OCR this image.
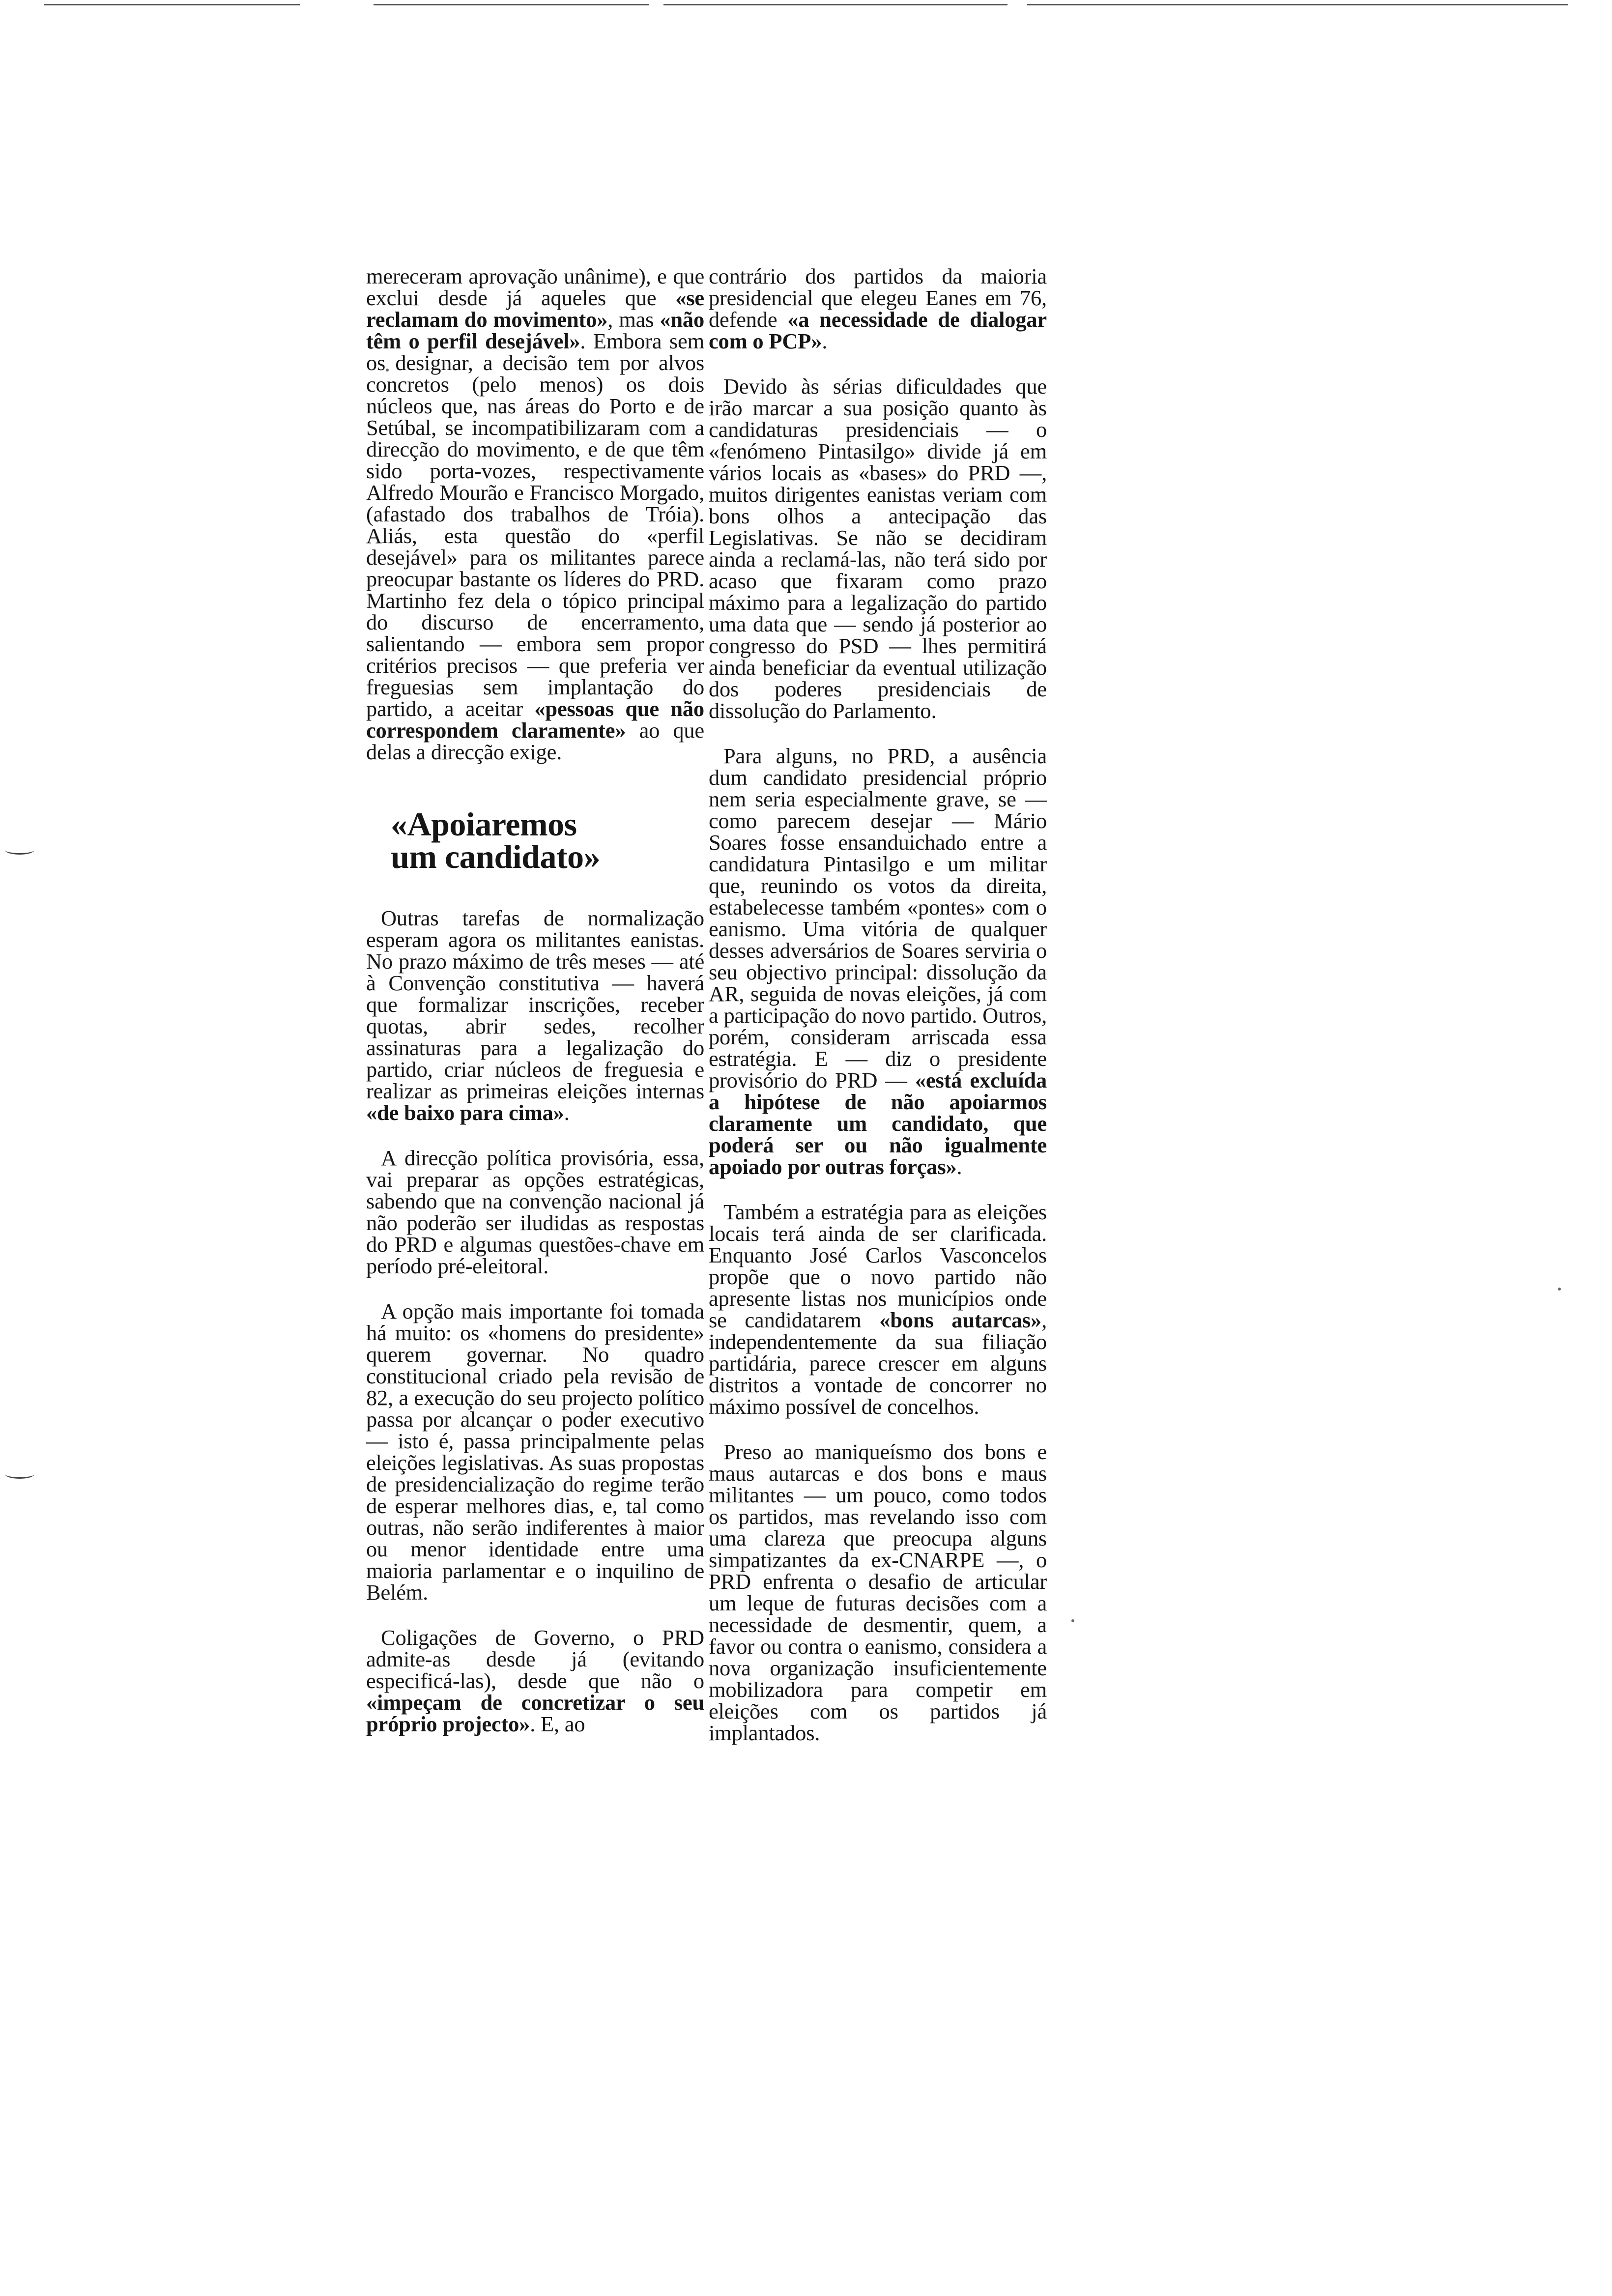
mereceram aprovação unânime), e que exclui desde já aqueles que «se reclamam do movimento», mas «não têm o perfil desejável». Embora sem os designar, a decisão tem por alvos concretos (pelo menos) os dois núcleos que, nas áreas do Porto e de Setúbal, se incompatibilizaram com a direcção do movimento, e de que têm sido porta-vozes, respectivamente Alfredo Mourão e Francisco Morgado, (afastado dos trabalhos de Tróia). Aliás, esta questão do «perfil desejável» para os militantes parece preocupar bastante os líderes do PRD. Martinho fez dela o tópico principal do discurso de encerramento, salientando — embora sem propor critérios precisos — que preferia ver freguesias sem implantação do partido, a aceitar «pessoas que não correspondem claramente» ao que delas a direcção exige.

«Apoiaremos
um candidato»

Outras tarefas de normalização esperam agora os militantes eanistas. No prazo máximo de três meses — até à Convenção constitutiva — haverá que formalizar inscrições, receber quotas, abrir sedes, recolher assinaturas para a legalização do partido, criar núcleos de freguesia e realizar as primeiras eleições internas «de baixo para cima».

A direcção política provisória, essa, vai preparar as opções estratégicas, sabendo que na convenção nacional já não poderão ser iludidas as respostas do PRD e algumas questões-chave em período pré-eleitoral.

A opção mais importante foi tomada há muito: os «homens do presidente» querem governar. No quadro constitucional criado pela revisão de 82, a execução do seu projecto político passa por alcançar o poder executivo — isto é, passa principalmente pelas eleições legislativas. As suas propostas de presidencialização do regime terão de esperar melhores dias, e, tal como outras, não serão indiferentes à maior ou menor identidade entre uma maioria parlamentar e o inquilino de Belém.

Coligações de Governo, o PRD admite-as desde já (evitando especificá-las), desde que não o «impeçam de concretizar o seu próprio projecto». E, ao

contrário dos partidos da maioria presidencial que elegeu Eanes em 76, defende «a necessidade de dialogar com o PCP».

Devido às sérias dificuldades que irão marcar a sua posição quanto às candidaturas presidenciais — o «fenómeno Pintasilgo» divide já em vários locais as «bases» do PRD —, muitos dirigentes eanistas veriam com bons olhos a antecipação das Legislativas. Se não se decidiram ainda a reclamá-las, não terá sido por acaso que fixaram como prazo máximo para a legalização do partido uma data que — sendo já posterior ao congresso do PSD — lhes permitirá ainda beneficiar da eventual utilização dos poderes presidenciais de dissolução do Parlamento.

Para alguns, no PRD, a ausência dum candidato presidencial próprio nem seria especialmente grave, se — como parecem desejar — Mário Soares fosse ensanduichado entre a candidatura Pintasilgo e um militar que, reunindo os votos da direita, estabelecesse também «pontes» com o eanismo. Uma vitória de qualquer desses adversários de Soares serviria o seu objectivo principal: dissolução da AR, seguida de novas eleições, já com a participação do novo partido. Outros, porém, consideram arriscada essa estratégia. E — diz o presidente provisório do PRD — «está excluída a hipótese de não apoiarmos claramente um candidato, que poderá ser ou não igualmente apoiado por outras forças».

Também a estratégia para as eleições locais terá ainda de ser clarificada. Enquanto José Carlos Vasconcelos propõe que o novo partido não apresente listas nos municípios onde se candidatarem «bons autarcas», independentemente da sua filiação partidária, parece crescer em alguns distritos a vontade de concorrer no máximo possível de concelhos.

Preso ao maniqueísmo dos bons e maus autarcas e dos bons e maus militantes — um pouco, como todos os partidos, mas revelando isso com uma clareza que preocupa alguns simpatizantes da ex-CNARPE —, o PRD enfrenta o desafio de articular um leque de futuras decisões com a necessidade de desmentir, quem, a favor ou contra o eanismo, considera a nova organização insuficientemente mobilizadora para competir em eleições com os partidos já implantados.
